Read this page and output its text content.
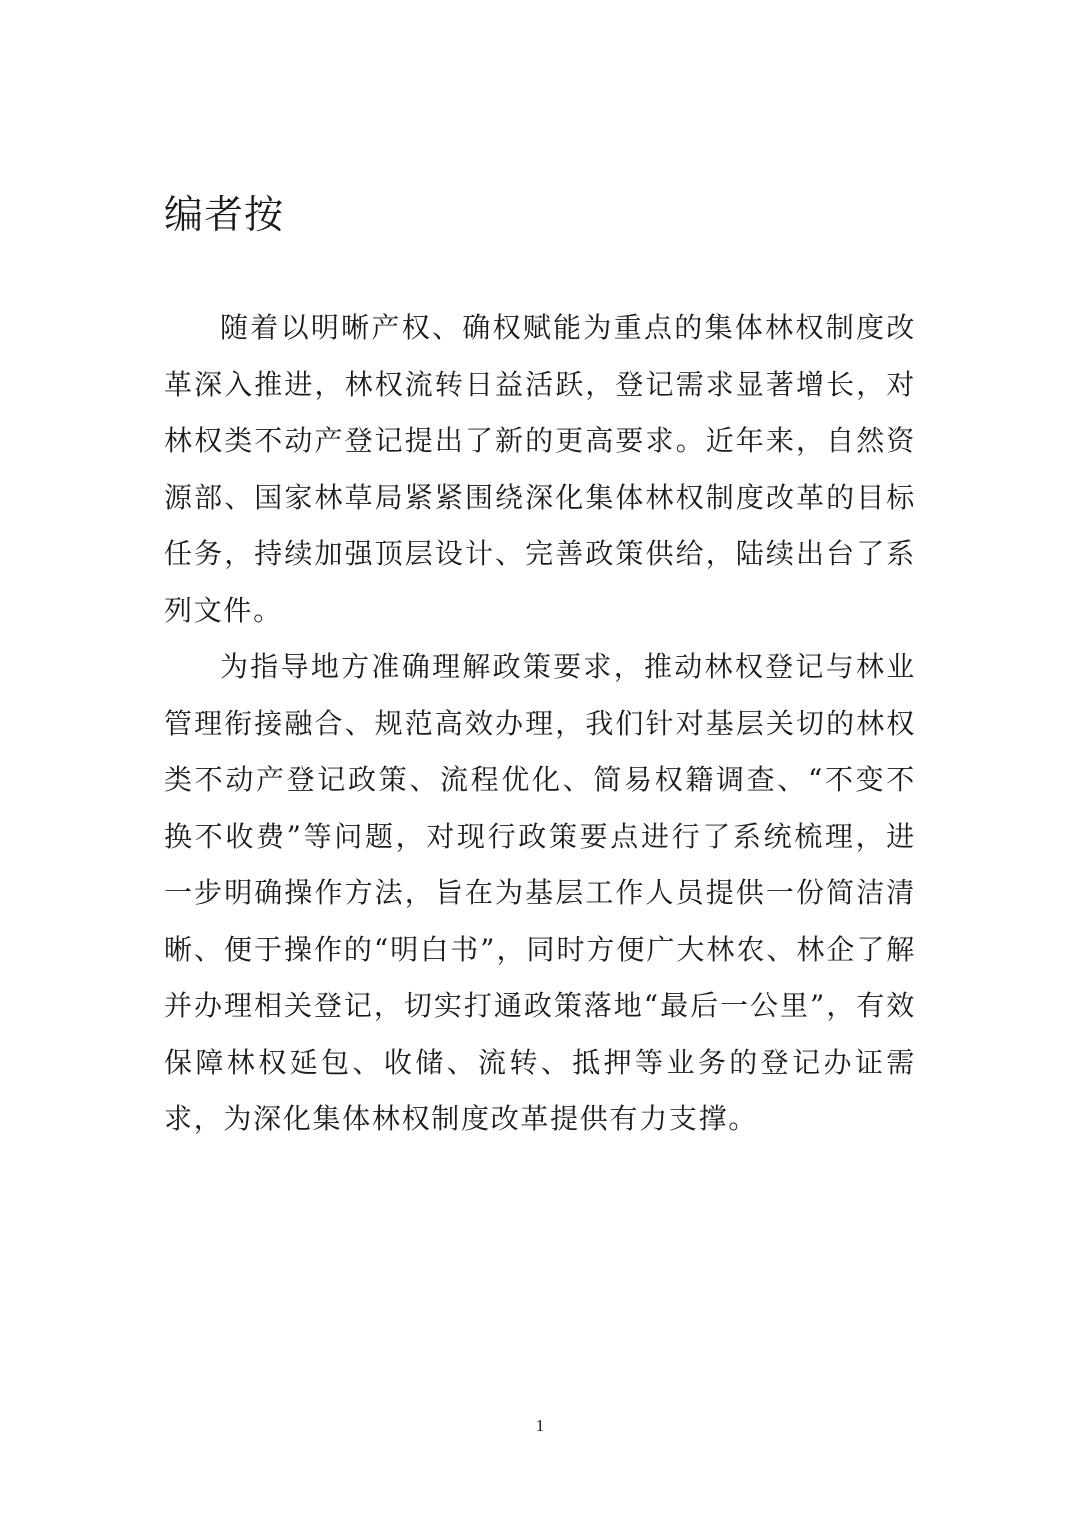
编者按

随着以明晰产权、确权赋能为重点的集体林权制度改革深入推进，林权流转日益活跃，登记需求显著增长，对林权类不动产登记提出了新的更高要求。近年来，自然资源部、国家林草局紧紧围绕深化集体林权制度改革的目标任务，持续加强顶层设计、完善政策供给，陆续出台了系列文件。

为指导地方准确理解政策要求，推动林权登记与林业管理衔接融合、规范高效办理，我们针对基层关切的林权类不动产登记政策、流程优化、简易权籍调查、“不变不换不收费”等问题，对现行政策要点进行了系统梳理，进一步明确操作方法，旨在为基层工作人员提供一份简洁清晰、便于操作的“明白书”，同时方便广大林农、林企了解并办理相关登记，切实打通政策落地“最后一公里”，有效保障林权延包、收储、流转、抵押等业务的登记办证需求，为深化集体林权制度改革提供有力支撑。

1
